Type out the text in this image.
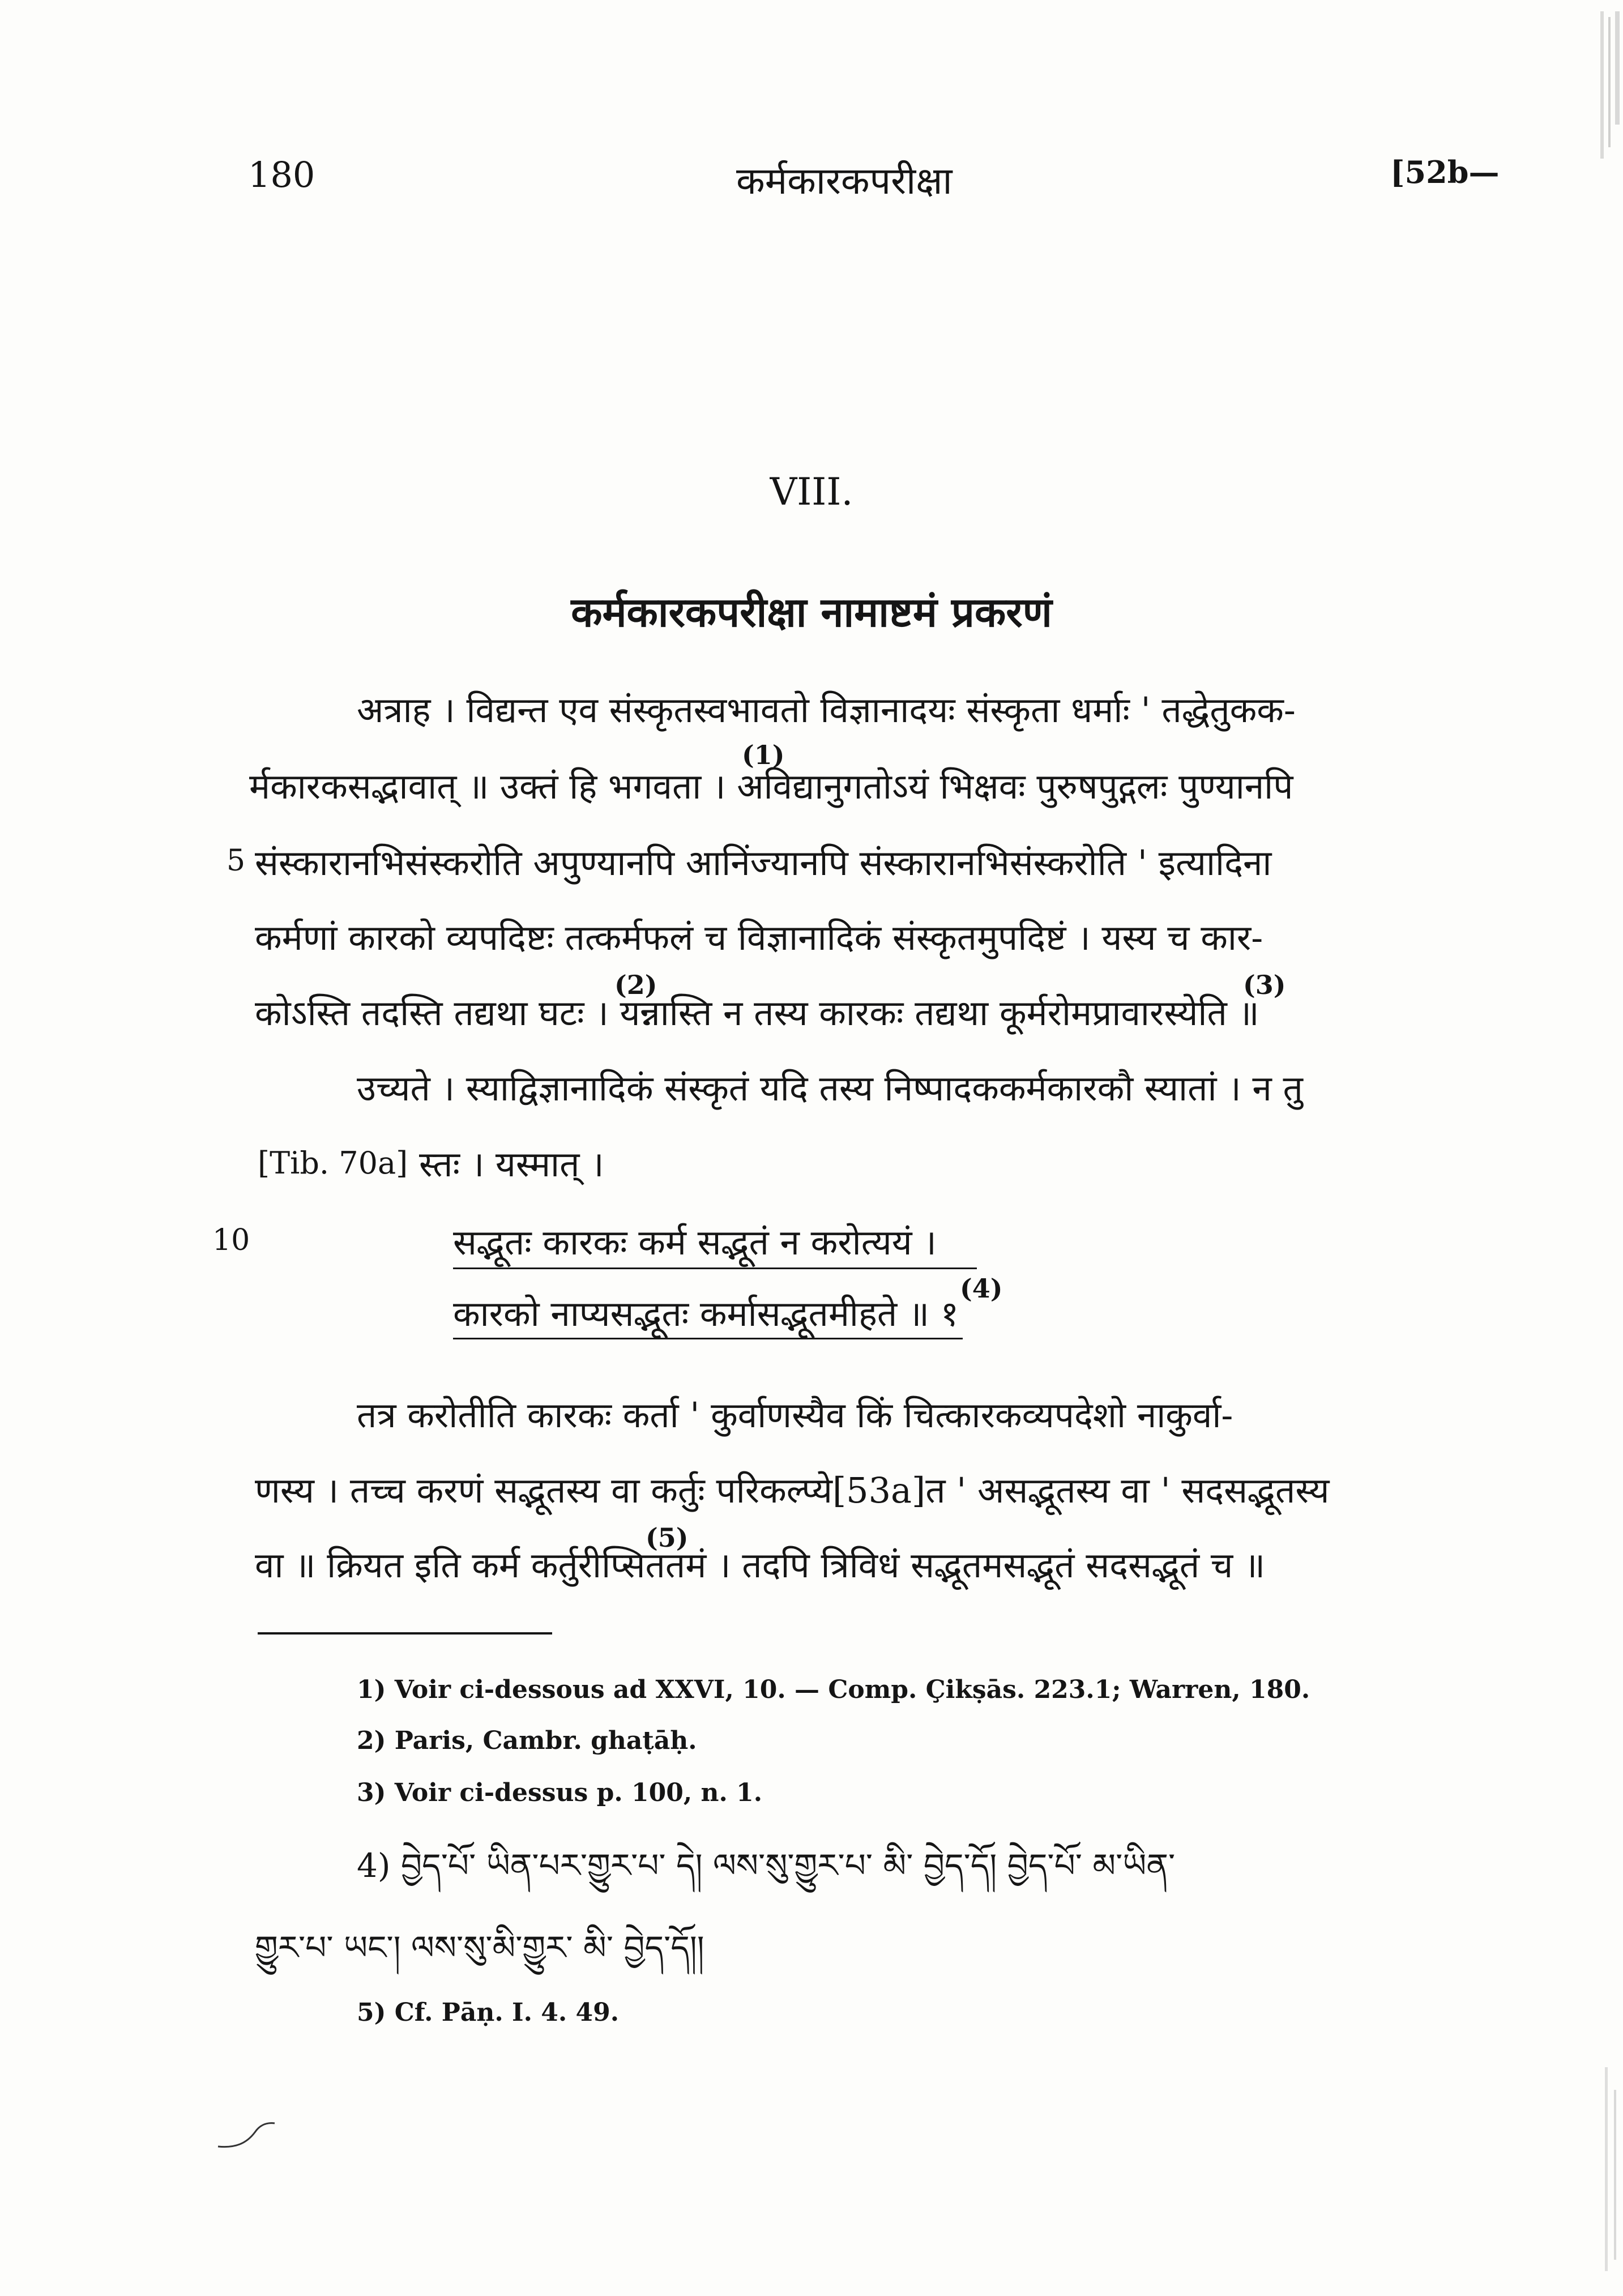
180	कर्मकारकपरीक्षा	[52b—
VIII.
कर्मकारकपरीक्षा नामाष्टमं प्रकरणं
अत्राह । विद्यन्त एव संस्कृतस्वभावतो विज्ञानादयः संस्कृता धर्माः ' तद्धेतुकक-
र्मकारकसद्भावात् ॥ उक्तं हि भगवता । अविद्यानुगतोऽयं भिक्षवः पुरुषपुद्गलः पुण्यानपि
(1)
5 संस्कारानभिसंस्करोति अपुण्यानपि आनिंज्यानपि संस्कारानभिसंस्करोति ' इत्यादिना
कर्मणां कारको व्यपदिष्टः तत्कर्मफलं च विज्ञानादिकं संस्कृतमुपदिष्टं । यस्य च कार-
(2)	(3)
कोऽस्ति तदस्ति तद्यथा घटः । यन्नास्ति न तस्य कारकः तद्यथा कूर्मरोमप्रावारस्येति ॥
उच्यते । स्याद्विज्ञानादिकं संस्कृतं यदि तस्य निष्पादककर्मकारकौ स्यातां । न तु
[Tib. 70a] स्तः । यस्मात् ।
10	सद्भूतः कारकः कर्म सद्भूतं न करोत्ययं ।
(4)
कारको नाप्यसद्भूतः कर्मासद्भूतमीहते ॥ १
तत्र करोतीति कारकः कर्ता ' कुर्वाणस्यैव किं चित्कारकव्यपदेशो नाकुर्वा-
णस्य । तच्च करणं सद्भूतस्य वा कर्तुः परिकल्प्ये[53a]त ' असद्भूतस्य वा ' सदसद्भूतस्य
(5)
वा ॥ क्रियत इति कर्म कर्तुरीप्सिततमं । तदपि त्रिविधं सद्भूतमसद्भूतं सदसद्भूतं च ॥
1) Voir ci-dessous ad XXVI, 10. — Comp. Çikṣās. 223.1; Warren, 180.
2) Paris, Cambr. ghaṭāḥ.
3) Voir ci-dessus p. 100, n. 1.
4) བྱེད་པོ་ ཡིན་པར་གྱུར་པ་ དེ། ལས་སུ་གྱུར་པ་ མི་ བྱེད་དོ། བྱེད་པོ་ མ་ཡིན་
གྱུར་པ་ ཡང་། ལས་སུ་མི་གྱུར་ མི་ བྱེད་དོ།།
5) Cf. Pāṇ. I. 4. 49.
